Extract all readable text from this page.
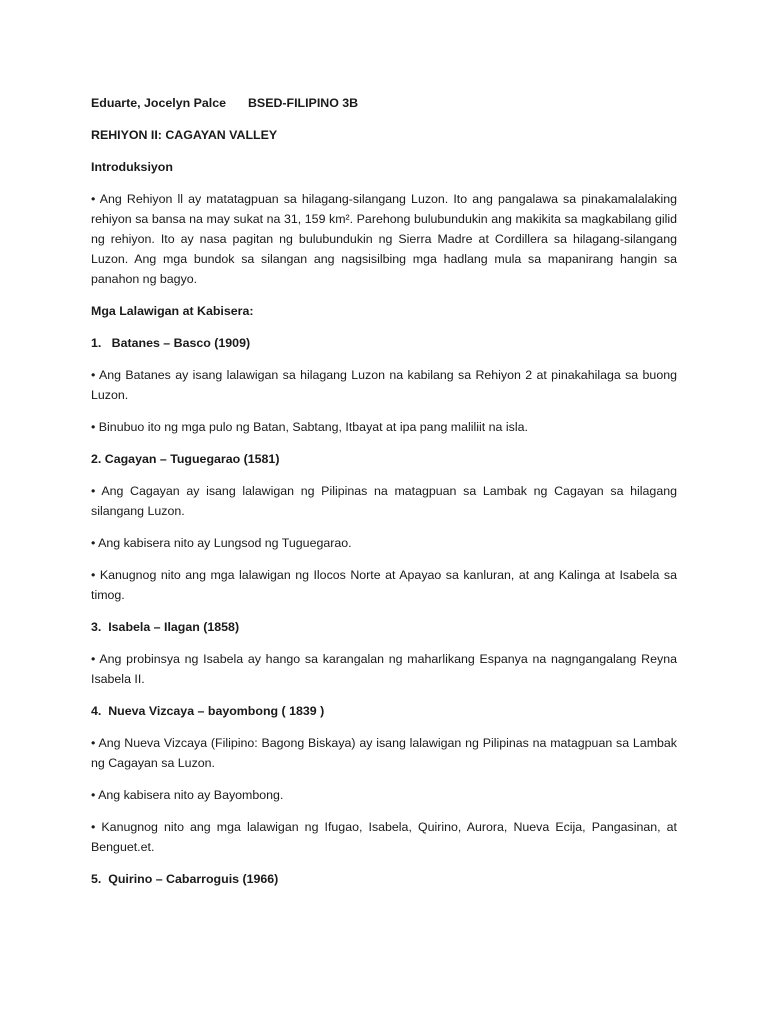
Eduarte, Jocelyn Palce BSED-FILIPINO 3B

REHIYON II: CAGAYAN VALLEY

Introduksiyon

• Ang Rehiyon ll ay matatagpuan sa hilagang-silangang Luzon. Ito ang pangalawa sa pinakamalalaking rehiyon sa bansa na may sukat na 31, 159 km². Parehong bulubundukin ang makikita sa magkabilang gilid ng rehiyon. Ito ay nasa pagitan ng bulubundukin ng Sierra Madre at Cordillera sa hilagang-silangang Luzon. Ang mga bundok sa silangan ang nagsisilbing mga hadlang mula sa mapanirang hangin sa panahon ng bagyo.

Mga Lalawigan at Kabisera:

1.   Batanes – Basco (1909)

• Ang Batanes ay isang lalawigan sa hilagang Luzon na kabilang sa Rehiyon 2 at pinakahilaga sa buong Luzon.

• Binubuo ito ng mga pulo ng Batan, Sabtang, Itbayat at ipa pang maliliit na isla.

2. Cagayan – Tuguegarao (1581)

• Ang Cagayan ay isang lalawigan ng Pilipinas na matagpuan sa Lambak ng Cagayan sa hilagang silangang Luzon.

• Ang kabisera nito ay Lungsod ng Tuguegarao.

• Kanugnog nito ang mga lalawigan ng Ilocos Norte at Apayao sa kanluran, at ang Kalinga at Isabela sa timog.

3.  Isabela – Ilagan (1858)

• Ang probinsya ng Isabela ay hango sa karangalan ng maharlikang Espanya na nagngangalang Reyna Isabela II.

4.  Nueva Vizcaya – bayombong ( 1839 )

• Ang Nueva Vizcaya (Filipino: Bagong Biskaya) ay isang lalawigan ng Pilipinas na matagpuan sa Lambak ng Cagayan sa Luzon.

• Ang kabisera nito ay Bayombong.

• Kanugnog nito ang mga lalawigan ng Ifugao, Isabela, Quirino, Aurora, Nueva Ecija, Pangasinan, at Benguet.et.

5.  Quirino – Cabarroguis (1966)
